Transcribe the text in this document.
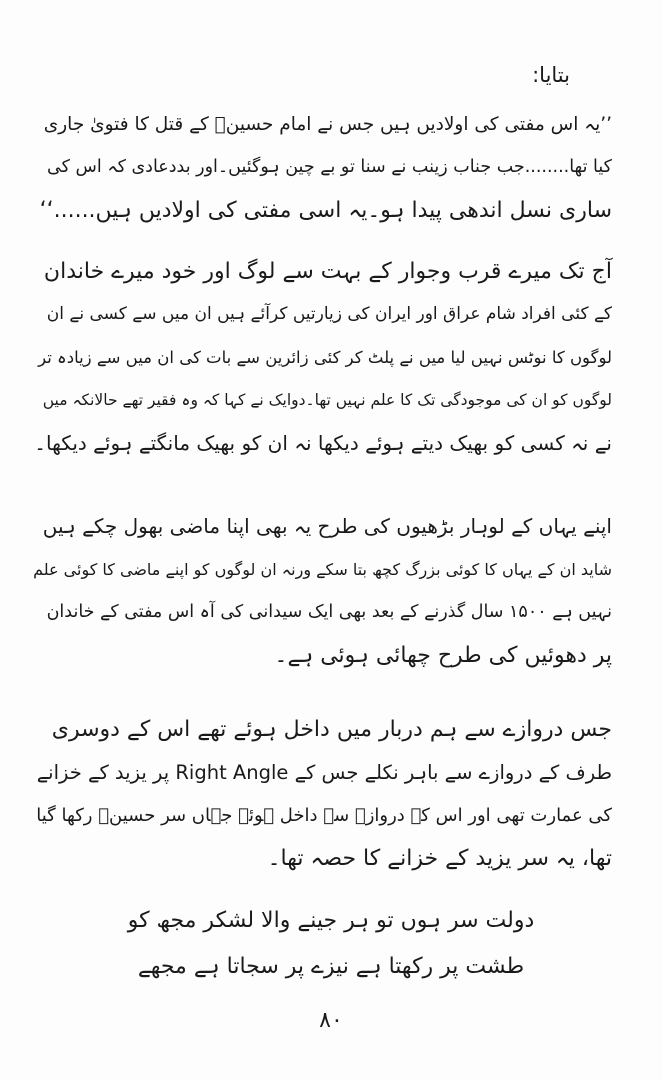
بتایا:
’’یہ اس مفتی کی اولادیں ہیں جس نے امام حسینؑ کے قتل کا فتویٰ جاری
کیا تھا........جب جناب زینب نے سنا تو بے چین ہوگئیں۔اور بددعادی کہ اس کی
ساری نسل اندھی پیدا ہو۔یہ اسی مفتی کی اولادیں ہیں......‘‘
آج تک میرے قرب وجوار کے بہت سے لوگ اور خود میرے خاندان
کے کئی افراد شام عراق اور ایران کی زیارتیں کرآئے ہیں ان میں سے کسی نے ان
لوگوں کا نوٹس نہیں لیا میں نے پلٹ کر کئی زائرین سے بات کی ان میں سے زیادہ تر
لوگوں کو ان کی موجودگی تک کا علم نہیں تھا۔دوایک نے کہا کہ وہ فقیر تھے حالانکہ میں
نے نہ کسی کو بھیک دیتے ہوئے دیکھا نہ ان کو بھیک مانگتے ہوئے دیکھا۔
اپنے یہاں کے لوہار بڑھیوں کی طرح یہ بھی اپنا ماضی بھول چکے ہیں
شاید ان کے یہاں کا کوئی بزرگ کچھ بتا سکے ورنہ ان لوگوں کو اپنے ماضی کا کوئی علم
نہیں ہے ۱۵۰۰ سال گذرنے کے بعد بھی ایک سیدانی کی آہ اس مفتی کے خاندان
پر دھوئیں کی طرح چھائی ہوئی ہے۔
جس دروازے سے ہم دربار میں داخل ہوئے تھے اس کے دوسری
طرف کے دروازے سے باہر نکلے جس کے Right Angle پر یزید کے خزانے
کی عمارت تھی اور اس کے دروازے سے داخل ہوئے جہاں سر حسینؑ رکھا گیا
تھا، یہ سر یزید کے خزانے کا حصہ تھا۔
دولت سر ہوں تو ہر جینے والا لشکر مجھ کو
طشت پر رکھتا ہے نیزے پر سجاتا ہے مجھے
۸۰
